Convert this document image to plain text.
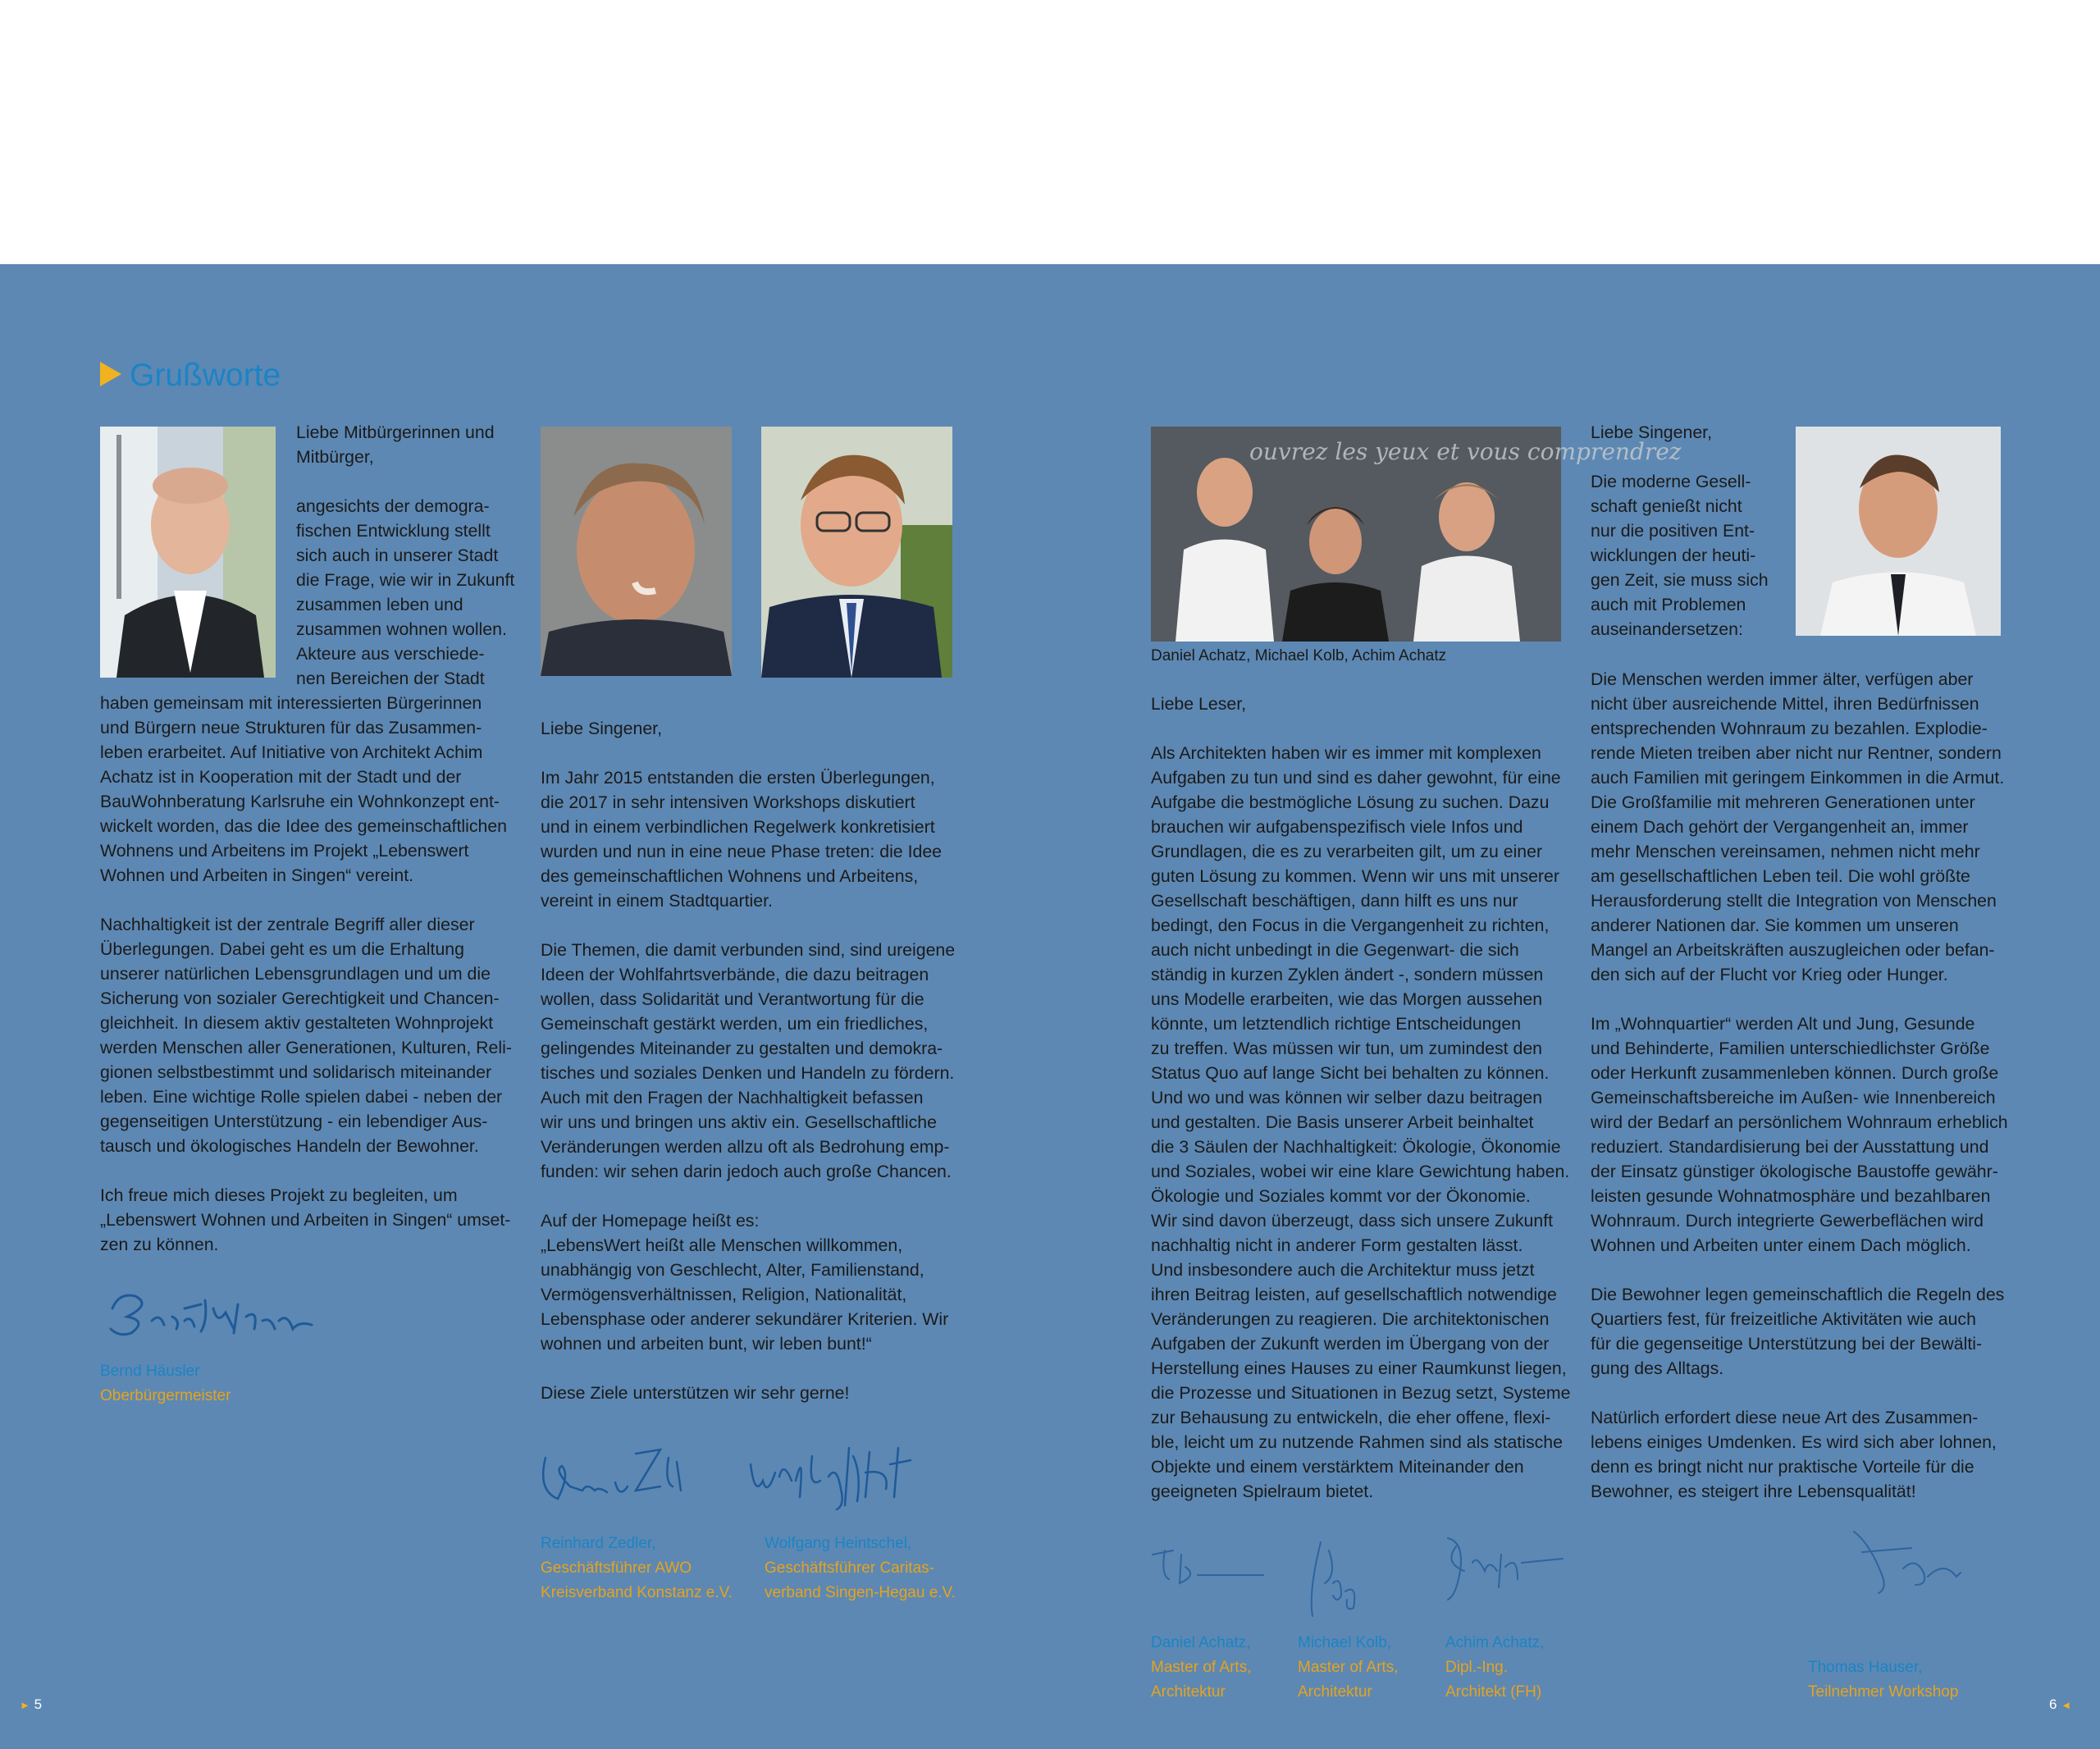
Grußworte
Liebe Mitbürgerinnen und
Mitbürger,

angesichts der demogra-
fischen Entwicklung stellt
sich auch in unserer Stadt
die Frage, wie wir in Zukunft
zusammen leben und
zusammen wohnen wollen.
Akteure aus verschiede-
nen Bereichen der Stadt
haben gemeinsam mit interessierten Bürgerinnen
und Bürgern neue Strukturen für das Zusammen-
leben erarbeitet. Auf Initiative von Architekt Achim
Achatz ist in Kooperation mit der Stadt und der
BauWohnberatung Karlsruhe ein Wohnkonzept ent-
wickelt worden, das die Idee des gemeinschaftlichen
Wohnens und Arbeitens im Projekt „Lebenswert
Wohnen und Arbeiten in Singen“ vereint.

Nachhaltigkeit ist der zentrale Begriff aller dieser
Überlegungen. Dabei geht es um die Erhaltung
unserer natürlichen Lebensgrundlagen und um die
Sicherung von sozialer Gerechtigkeit und Chancen-
gleichheit. In diesem aktiv gestalteten Wohnprojekt
werden Menschen aller Generationen, Kulturen, Reli-
gionen selbstbestimmt und solidarisch miteinander
leben. Eine wichtige Rolle spielen dabei - neben der
gegenseitigen Unterstützung - ein lebendiger Aus-
tausch und ökologisches Handeln der Bewohner.

Ich freue mich dieses Projekt zu begleiten, um
„Lebenswert Wohnen und Arbeiten in Singen“ umset-
zen zu können.
Bernd Häusler
Oberbürgermeister
Liebe Singener,

Im Jahr 2015 entstanden die ersten Überlegungen,
die 2017 in sehr intensiven Workshops diskutiert
und in einem verbindlichen Regelwerk konkretisiert
wurden und nun in eine neue Phase treten: die Idee
des gemeinschaftlichen Wohnens und Arbeitens,
vereint in einem Stadtquartier.

Die Themen, die damit verbunden sind, sind ureigene
Ideen der Wohlfahrtsverbände, die dazu beitragen
wollen, dass Solidarität und Verantwortung für die
Gemeinschaft gestärkt werden, um ein friedliches,
gelingendes Miteinander zu gestalten und demokra-
tisches und soziales Denken und Handeln zu fördern.
Auch mit den Fragen der Nachhaltigkeit befassen
wir uns und bringen uns aktiv ein. Gesellschaftliche
Veränderungen werden allzu oft als Bedrohung emp-
funden: wir sehen darin jedoch auch große Chancen.

Auf der Homepage heißt es:
„LebensWert heißt alle Menschen willkommen,
unabhängig von Geschlecht, Alter, Familienstand,
Vermögensverhältnissen, Religion, Nationalität,
Lebensphase oder anderer sekundärer Kriterien. Wir
wohnen und arbeiten bunt, wir leben bunt!“

Diese Ziele unterstützen wir sehr gerne!
Reinhard Zedler,
Geschäftsführer AWO
Kreisverband Konstanz e.V.
Wolfgang Heintschel,
Geschäftsführer Caritas-
verband Singen-Hegau e.V.
ouvrez les yeux et vous comprendrez
Daniel Achatz, Michael Kolb, Achim Achatz
Liebe Leser,

Als Architekten haben wir es immer mit komplexen
Aufgaben zu tun und sind es daher gewohnt, für eine
Aufgabe die bestmögliche Lösung zu suchen. Dazu
brauchen wir aufgabenspezifisch viele Infos und
Grundlagen, die es zu verarbeiten gilt, um zu einer
guten Lösung zu kommen. Wenn wir uns mit unserer
Gesellschaft beschäftigen, dann hilft es uns nur
bedingt, den Focus in die Vergangenheit zu richten,
auch nicht unbedingt in die Gegenwart- die sich
ständig in kurzen Zyklen ändert -, sondern müssen
uns Modelle erarbeiten, wie das Morgen aussehen
könnte, um letztendlich richtige Entscheidungen
zu treffen. Was müssen wir tun, um zumindest den
Status Quo auf lange Sicht bei behalten zu können.
Und wo und was können wir selber dazu beitragen
und gestalten. Die Basis unserer Arbeit beinhaltet
die 3 Säulen der Nachhaltigkeit: Ökologie, Ökonomie
und Soziales, wobei wir eine klare Gewichtung haben.
Ökologie und Soziales kommt vor der Ökonomie.
Wir sind davon überzeugt, dass sich unsere Zukunft
nachhaltig nicht in anderer Form gestalten lässt.
Und insbesondere auch die Architektur muss jetzt
ihren Beitrag leisten, auf gesellschaftlich notwendige
Veränderungen zu reagieren. Die architektonischen
Aufgaben der Zukunft werden im Übergang von der
Herstellung eines Hauses zu einer Raumkunst liegen,
die Prozesse und Situationen in Bezug setzt, Systeme
zur Behausung zu entwickeln, die eher offene, flexi-
ble, leicht um zu nutzende Rahmen sind als statische
Objekte und einem verstärktem Miteinander den
geeigneten Spielraum bietet.
Daniel Achatz,
Master of Arts,
Architektur
Michael Kolb,
Master of Arts,
Architektur
Achim Achatz,
Dipl.-Ing.
Architekt (FH)
Liebe Singener,

Die moderne Gesell-
schaft genießt nicht
nur die positiven Ent-
wicklungen der heuti-
gen Zeit, sie muss sich
auch mit Problemen
auseinandersetzen:
Die Menschen werden immer älter, verfügen aber
nicht über ausreichende Mittel, ihren Bedürfnissen
entsprechenden Wohnraum zu bezahlen. Explodie-
rende Mieten treiben aber nicht nur Rentner, sondern
auch Familien mit geringem Einkommen in die Armut.
Die Großfamilie mit mehreren Generationen unter
einem Dach gehört der Vergangenheit an, immer
mehr Menschen vereinsamen, nehmen nicht mehr
am gesellschaftlichen Leben teil. Die wohl größte
Herausforderung stellt die Integration von Menschen
anderer Nationen dar. Sie kommen um unseren
Mangel an Arbeitskräften auszugleichen oder befan-
den sich auf der Flucht vor Krieg oder Hunger.

Im „Wohnquartier“ werden Alt und Jung, Gesunde
und Behinderte, Familien unterschiedlichster Größe
oder Herkunft zusammenleben können. Durch große
Gemeinschaftsbereiche im Außen- wie Innenbereich
wird der Bedarf an persönlichem Wohnraum erheblich
reduziert. Standardisierung bei der Ausstattung und
der Einsatz günstiger ökologische Baustoffe gewähr-
leisten gesunde Wohnatmosphäre und bezahlbaren
Wohnraum. Durch integrierte Gewerbeflächen wird
Wohnen und Arbeiten unter einem Dach möglich.

Die Bewohner legen gemeinschaftlich die Regeln des
Quartiers fest, für freizeitliche Aktivitäten wie auch
für die gegenseitige Unterstützung bei der Bewälti-
gung des Alltags.

Natürlich erfordert diese neue Art des Zusammen-
lebens einiges Umdenken. Es wird sich aber lohnen,
denn es bringt nicht nur praktische Vorteile für die
Bewohner, es steigert ihre Lebensqualität!
Thomas Hauser,
Teilnehmer Workshop
► 5	6 ◄
